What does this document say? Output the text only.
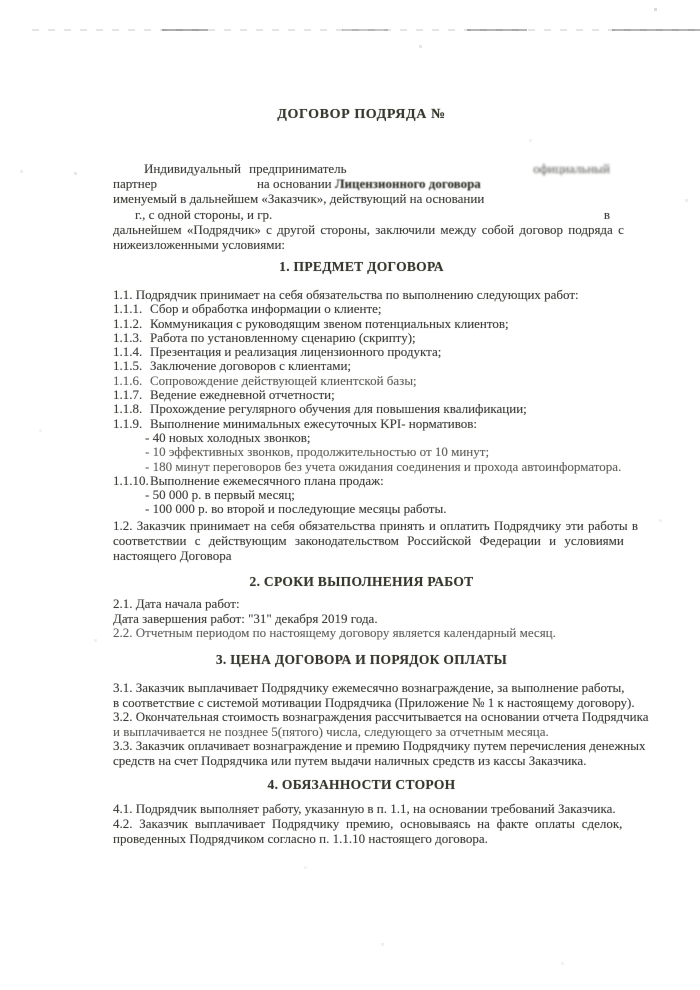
ДОГОВОР ПОДРЯДА №
Индивидуальный предприниматель	официальный
партнер	на основании Лицензионного договора
именуемый в дальнейшем «Заказчик», действующий на основании
г., с одной стороны, и гр.	в
дальнейшем «Подрядчик» с другой стороны, заключили между собой договор подряда с
нижеизложенными условиями:
1. ПРЕДМЕТ ДОГОВОРА
1.1. Подрядчик принимает на себя обязательства по выполнению следующих работ:
1.1.1. Сбор и обработка информации о клиенте;
1.1.2. Коммуникация с руководящим звеном потенциальных клиентов;
1.1.3. Работа по установленному сценарию (скрипту);
1.1.4. Презентация и реализация лицензионного продукта;
1.1.5. Заключение договоров с клиентами;
1.1.6. Сопровождение действующей клиентской базы;
1.1.7. Ведение ежедневной отчетности;
1.1.8. Прохождение регулярного обучения для повышения квалификации;
1.1.9. Выполнение минимальных ежесуточных KPI- нормативов:
- 40 новых холодных звонков;
- 10 эффективных звонков, продолжительностью от 10 минут;
- 180 минут переговоров без учета ожидания соединения и прохода автоинформатора.
1.1.10.Выполнение ежемесячного плана продаж:
- 50 000 р. в первый месяц;
- 100 000 р. во второй и последующие месяцы работы.
1.2. Заказчик принимает на себя обязательства принять и оплатить Подрядчику эти работы в
соответствии с действующим законодательством Российской Федерации и условиями
настоящего Договора
2. СРОКИ ВЫПОЛНЕНИЯ РАБОТ
2.1. Дата начала работ:
Дата завершения работ: "31" декабря 2019 года.
2.2. Отчетным периодом по настоящему договору является календарный месяц.
3. ЦЕНА ДОГОВОРА И ПОРЯДОК ОПЛАТЫ
3.1. Заказчик выплачивает Подрядчику ежемесячно вознаграждение, за выполнение работы,
в соответствие с системой мотивации Подрядчика (Приложение № 1 к настоящему договору).
3.2. Окончательная стоимость вознаграждения рассчитывается на основании отчета Подрядчика
и выплачивается не позднее 5(пятого) числа, следующего за отчетным месяца.
3.3. Заказчик оплачивает вознаграждение и премию Подрядчику путем перечисления денежных
средств на счет Подрядчика или путем выдачи наличных средств из кассы Заказчика.
4. ОБЯЗАННОСТИ СТОРОН
4.1. Подрядчик выполняет работу, указанную в п. 1.1, на основании требований Заказчика.
4.2. Заказчик выплачивает Подрядчику премию, основываясь на факте оплаты сделок,
проведенных Подрядчиком согласно п. 1.1.10 настоящего договора.
